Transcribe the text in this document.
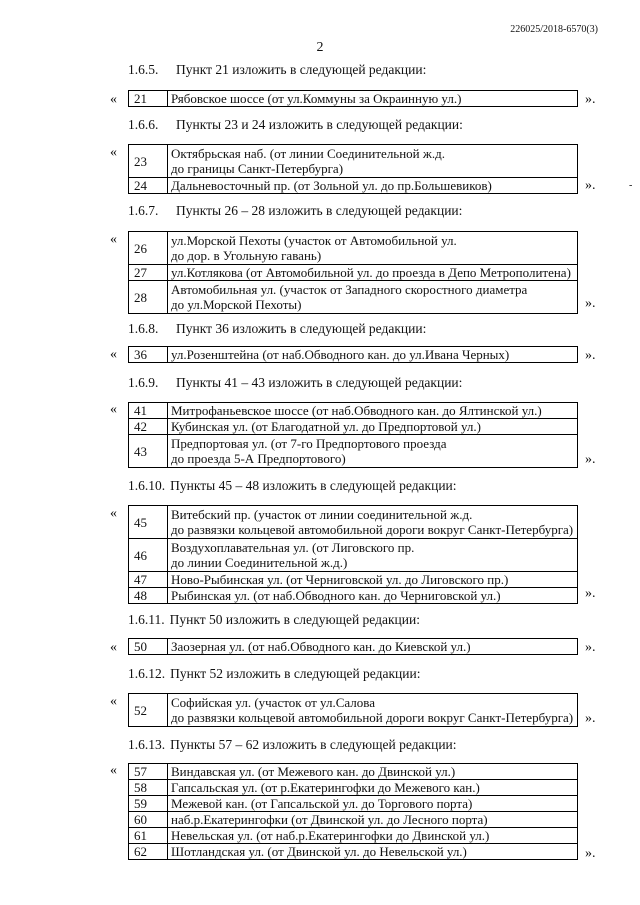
226025/2018-6570(3)
2
-
1.6.5. Пункт 21 изложить в следующей редакции:
« 21	Рябовское шоссе (от ул.Коммуны за Окраинную ул.)	».
1.6.6. Пункты 23 и 24 изложить в следующей редакции:
«
23	Октябрьская наб. (от линии Соединительной ж.д.
до границы Санкт-Петербурга)

24	Дальневосточный пр. (от Зольной ул. до пр.Большевиков)	».
1.6.7. Пункты 26 – 28 изложить в следующей редакции:
«
26	ул.Морской Пехоты (участок от Автомобильной ул.
до дор. в Угольную гавань)

27	ул.Котлякова (от Автомобильной ул. до проезда в Депо Метрополитена)

28	Автомобильная ул. (участок от Западного скоростного диаметра
до ул.Морской Пехоты)	».
1.6.8. Пункт 36 изложить в следующей редакции:
« 36	ул.Розенштейна (от наб.Обводного кан. до ул.Ивана Черных)	».
1.6.9. Пункты 41 – 43 изложить в следующей редакции:
« 41	Митрофаньевское шоссе (от наб.Обводного кан. до Ялтинской ул.)

42	Кубинская ул. (от Благодатной ул. до Предпортовой ул.)

43	Предпортовая ул. (от 7-го Предпортового проезда
до проезда 5-А Предпортового)	».
1.6.10. Пункты 45 – 48 изложить в следующей редакции:
«
45	Витебский пр. (участок от линии соединительной ж.д.
до развязки кольцевой автомобильной дороги вокруг Санкт-Петербурга)

46	Воздухоплавательная ул. (от Лиговского пр.
до линии Соединительной ж.д.)

47	Ново-Рыбинская ул. (от Черниговской ул. до Лиговского пр.)

48	Рыбинская ул. (от наб.Обводного кан. до Черниговской ул.)	».
1.6.11. Пункт 50 изложить в следующей редакции:
« 50	Заозерная ул. (от наб.Обводного кан. до Киевской ул.)	».
1.6.12. Пункт 52 изложить в следующей редакции:
«
52	Софийская ул. (участок от ул.Салова
до развязки кольцевой автомобильной дороги вокруг Санкт-Петербурга) ».
1.6.13. Пункты 57 – 62 изложить в следующей редакции:
« 57	Виндавская ул. (от Межевого кан. до Двинской ул.)

58	Гапсальская ул. (от р.Екатерингофки до Межевого кан.)

59	Межевой кан. (от Гапсальской ул. до Торгового порта)

60	наб.р.Екатерингофки (от Двинской ул. до Лесного порта)

61	Невельская ул. (от наб.р.Екатерингофки до Двинской ул.)

62	Шотландская ул. (от Двинской ул. до Невельской ул.)	».
